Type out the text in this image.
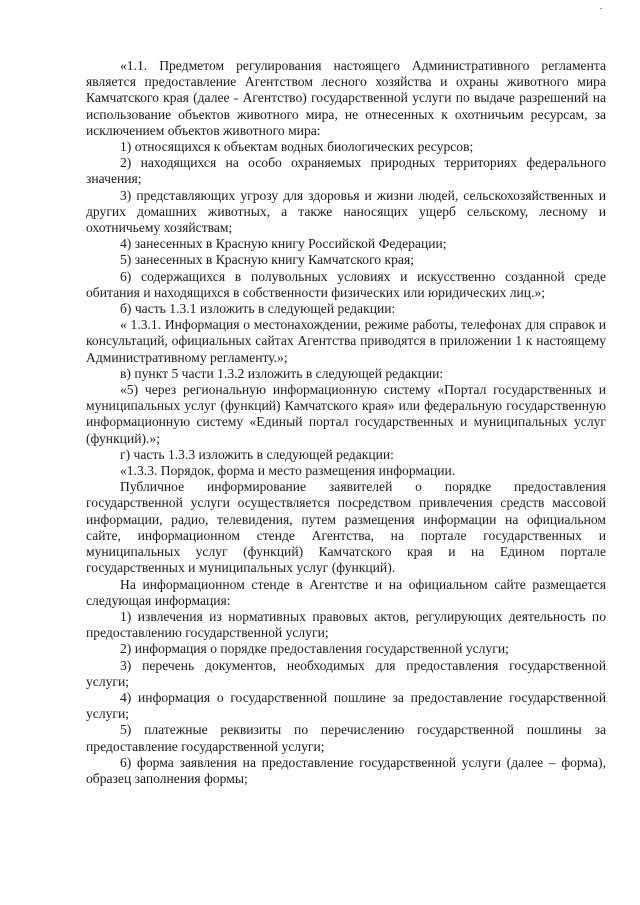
«1.1. Предметом регулирования настоящего Административного регламента является предоставление Агентством лесного хозяйства и охраны животного мира Камчатского края (далее - Агентство) государственной услуги по выдаче разрешений на использование объектов животного мира, не отнесенных к охотничьим ресурсам, за исключением объектов животного мира:

1) относящихся к объектам водных биологических ресурсов;

2) находящихся на особо охраняемых природных территориях федерального значения;

3) представляющих угрозу для здоровья и жизни людей, сельскохозяйственных и других домашних животных, а также наносящих ущерб сельскому, лесному и охотничьему хозяйствам;

4) занесенных в Красную книгу Российской Федерации;

5) занесенных в Красную книгу Камчатского края;

6) содержащихся в полувольных условиях и искусственно созданной среде обитания и находящихся в собственности физических или юридических лиц.»;

б) часть 1.3.1 изложить в следующей редакции:

« 1.3.1. Информация о местонахождении, режиме работы, телефонах для справок и консультаций, официальных сайтах Агентства приводятся в приложении 1 к настоящему Административному регламенту.»;

в) пункт 5 части 1.3.2 изложить в следующей редакции:

«5) через региональную информационную систему «Портал государственных и муниципальных услуг (функций) Камчатского края» или федеральную государственную информационную систему «Единый портал государственных и муниципальных услуг (функций).»;

г) часть 1.3.3 изложить в следующей редакции:

«1.3.3. Порядок, форма и место размещения информации.

Публичное информирование заявителей о порядке предоставления государственной услуги осуществляется посредством привлечения средств массовой информации, радио, телевидения, путем размещения информации на официальном сайте, информационном стенде Агентства, на портале государственных и муниципальных услуг (функций) Камчатского края и на Едином портале государственных и муниципальных услуг (функций).

На информационном стенде в Агентстве и на официальном сайте размещается следующая информация:

1) извлечения из нормативных правовых актов, регулирующих деятельность по предоставлению государственной услуги;

2) информация о порядке предоставления государственной услуги;

3) перечень документов, необходимых для предоставления государственной услуги;

4) информация о государственной пошлине за предоставление государственной услуги;

5) платежные реквизиты по перечислению государственной пошлины за предоставление государственной услуги;

6) форма заявления на предоставление государственной услуги (далее – форма), образец заполнения формы;
